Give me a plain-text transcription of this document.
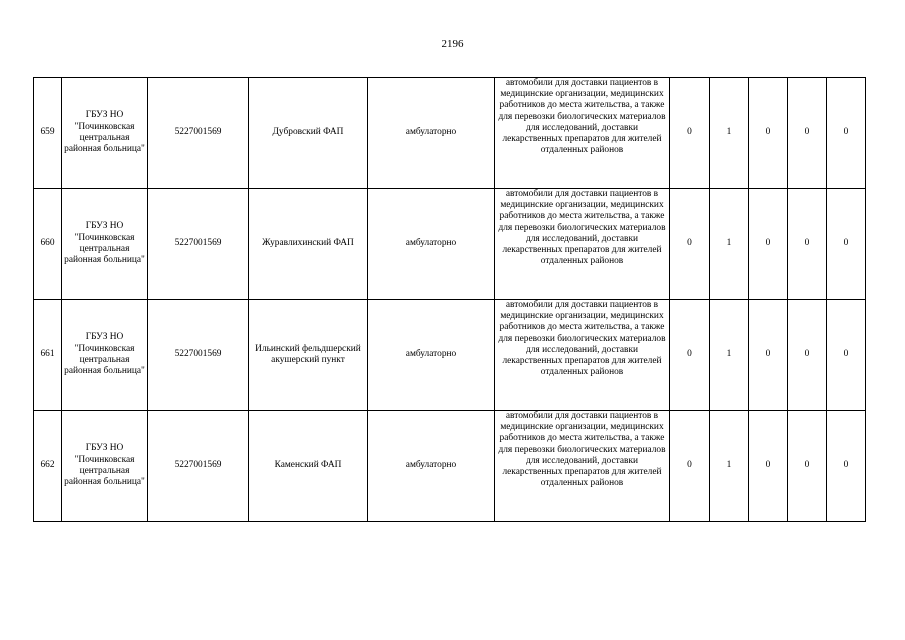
2196
659	ГБУЗ НО "Починковская центральная районная больница"	5227001569	Дубровский ФАП	амбулаторно	автомобили для доставки пациентов в медицинские организации, медицинских работников до места жительства, а также для перевозки биологических материалов для исследований, доставки лекарственных препаратов для жителей отдаленных районов	0	1	0	0	0
660	ГБУЗ НО "Починковская центральная районная больница"	5227001569	Журавлихинский ФАП	амбулаторно	автомобили для доставки пациентов в медицинские организации, медицинских работников до места жительства, а также для перевозки биологических материалов для исследований, доставки лекарственных препаратов для жителей отдаленных районов	0	1	0	0	0
661	ГБУЗ НО "Починковская центральная районная больница"	5227001569	Ильинский фельдшерский акушерский пункт	амбулаторно	автомобили для доставки пациентов в медицинские организации, медицинских работников до места жительства, а также для перевозки биологических материалов для исследований, доставки лекарственных препаратов для жителей отдаленных районов	0	1	0	0	0
662	ГБУЗ НО "Починковская центральная районная больница"	5227001569	Каменский ФАП	амбулаторно	автомобили для доставки пациентов в медицинские организации, медицинских работников до места жительства, а также для перевозки биологических материалов для исследований, доставки лекарственных препаратов для жителей отдаленных районов	0	1	0	0	0
